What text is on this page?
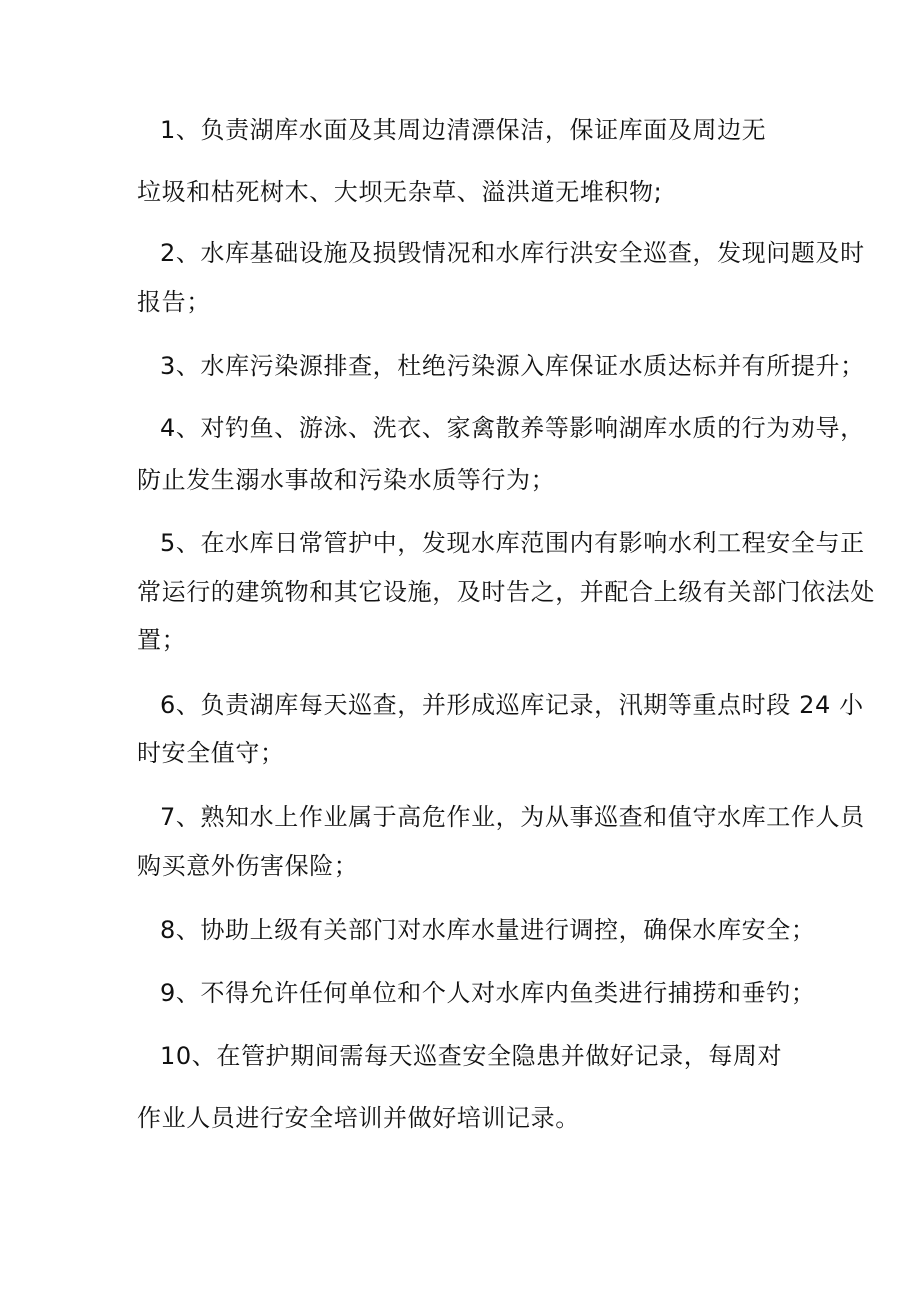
1、负责湖库水面及其周边清漂保洁，保证库面及周边无
垃圾和枯死树木、大坝无杂草、溢洪道无堆积物;
2、水库基础设施及损毁情况和水库行洪安全巡查，发现问题及时
报告；
3、水库污染源排查，杜绝污染源入库保证水质达标并有所提升；
4、对钓鱼、游泳、洗衣、家禽散养等影响湖库水质的行为劝导，
防止发生溺水事故和污染水质等行为；
5、在水库日常管护中，发现水库范围内有影响水利工程安全与正
常运行的建筑物和其它设施，及时告之，并配合上级有关部门依法处
置；
6、负责湖库每天巡查，并形成巡库记录，汛期等重点时段 24 小
时安全值守；
7、熟知水上作业属于高危作业，为从事巡查和值守水库工作人员
购买意外伤害保险；
8、协助上级有关部门对水库水量进行调控，确保水库安全；
9、不得允许任何单位和个人对水库内鱼类进行捕捞和垂钓；
10、在管护期间需每天巡查安全隐患并做好记录，每周对
作业人员进行安全培训并做好培训记录。
